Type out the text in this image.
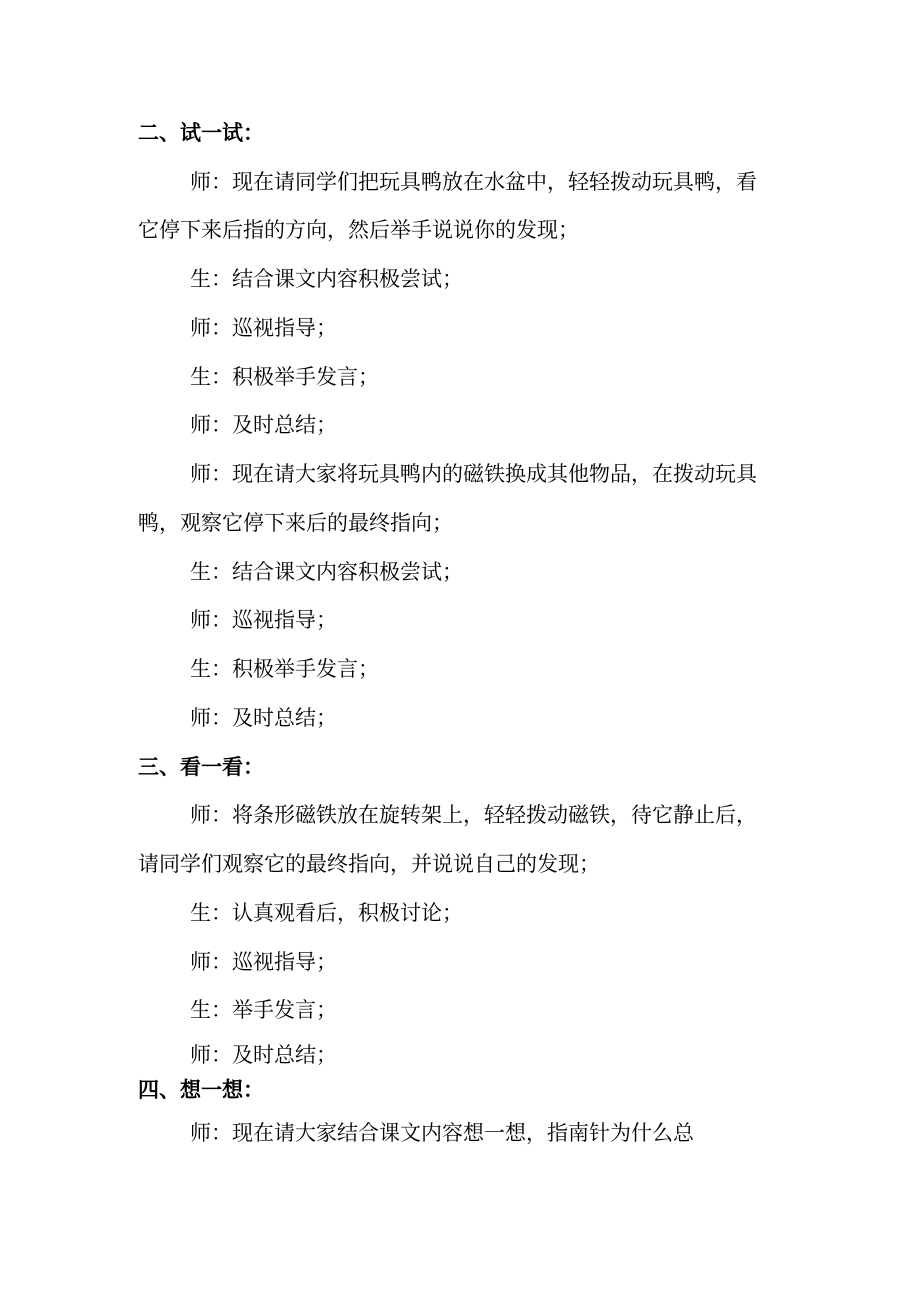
二、试一试：

师：现在请同学们把玩具鸭放在水盆中，轻轻拨动玩具鸭，看

它停下来后指的方向，然后举手说说你的发现；

生：结合课文内容积极尝试；

师：巡视指导；

生：积极举手发言；

师：及时总结；

师：现在请大家将玩具鸭内的磁铁换成其他物品，在拨动玩具

鸭，观察它停下来后的最终指向；

生：结合课文内容积极尝试；

师：巡视指导；

生：积极举手发言；

师：及时总结；

三、看一看：

师：将条形磁铁放在旋转架上，轻轻拨动磁铁，待它静止后，

请同学们观察它的最终指向，并说说自己的发现；

生：认真观看后，积极讨论；

师：巡视指导；

生：举手发言；

师：及时总结；

四、想一想：

师：现在请大家结合课文内容想一想，指南针为什么总
